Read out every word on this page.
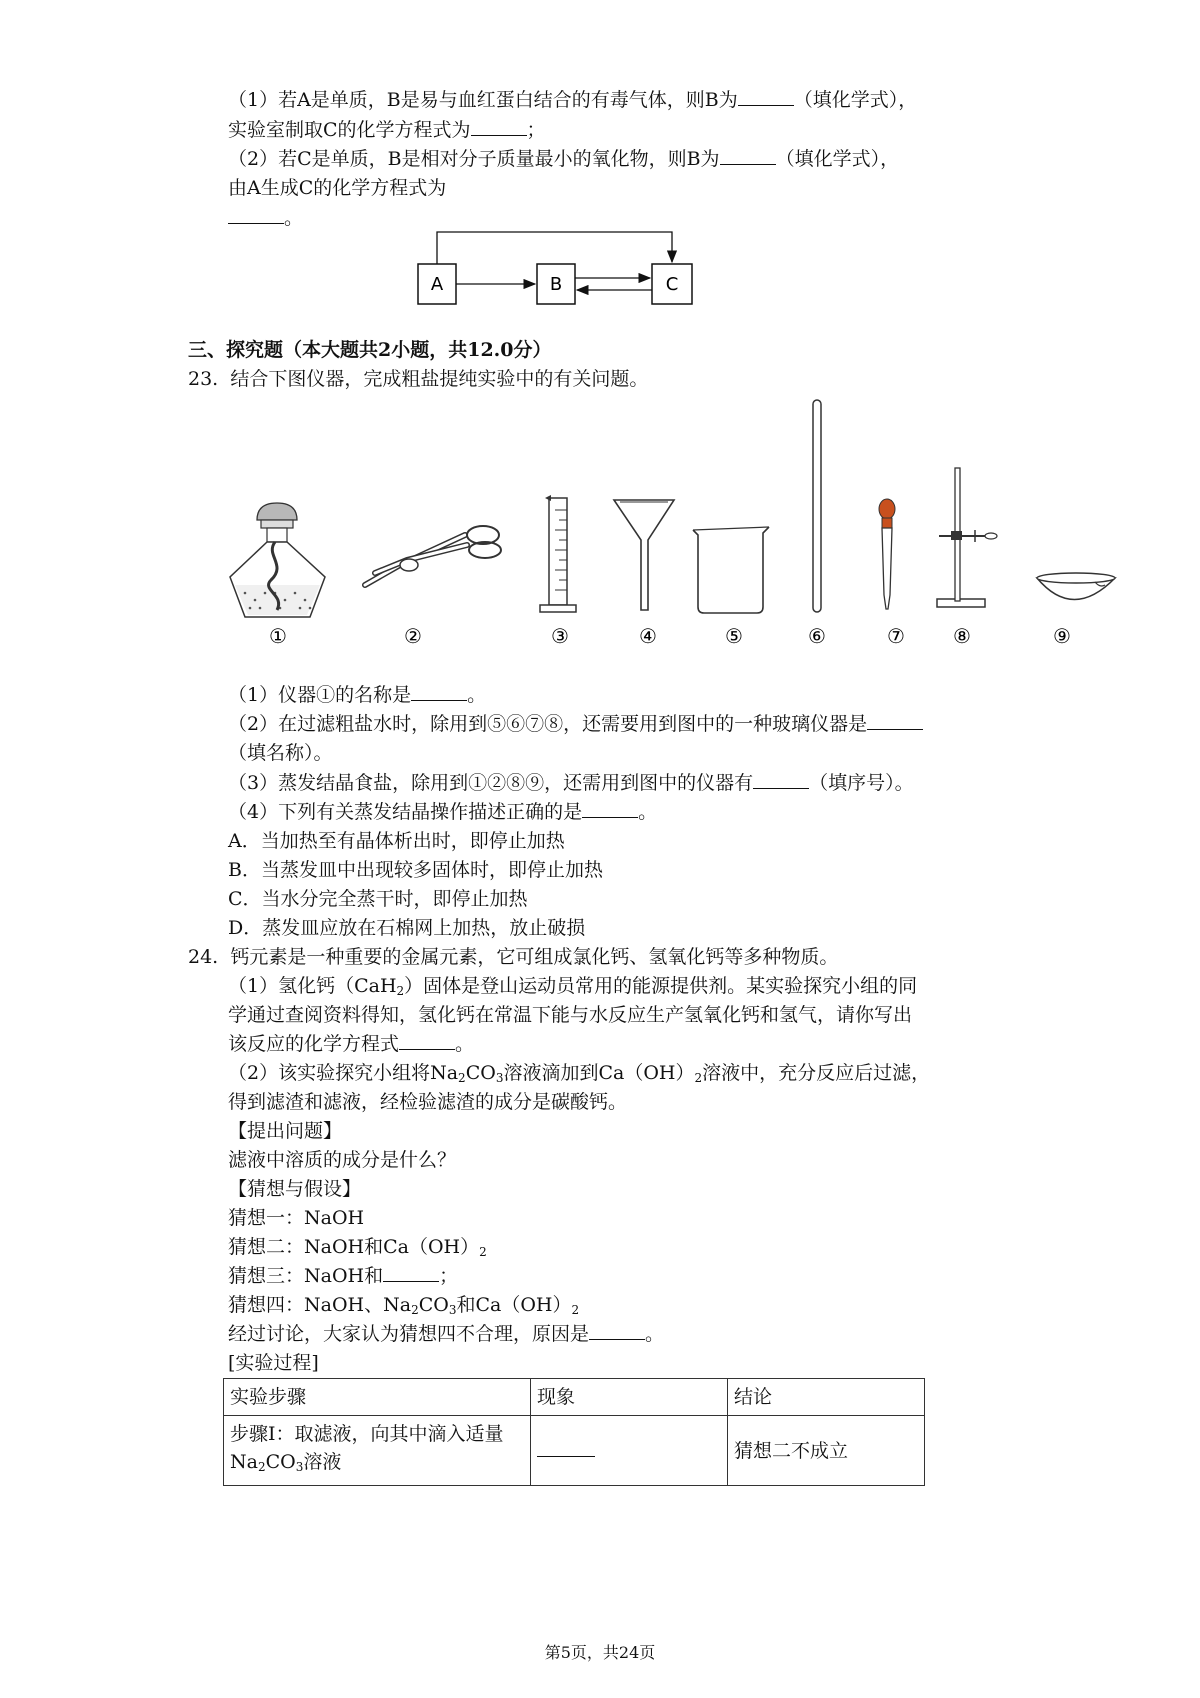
（1）若A是单质，B是易与血红蛋白结合的有毒气体，则B为	（填化学式），
实验室制取C的化学方程式为	；
（2）若C是单质，B是相对分子质量最小的氧化物，则B为	（填化学式），
由A生成C的化学方程式为
。
A	B	C
三、探究题（本大题共2小题，共12.0分）
23. 结合下图仪器，完成粗盐提纯实验中的有关问题。
①	②	③	④	⑤	⑥	⑦ ⑧	⑨
（1）仪器①的名称是	。
（2）在过滤粗盐水时，除用到⑤⑥⑦⑧，还需要用到图中的一种玻璃仪器是
（填名称）。
（3）蒸发结晶食盐，除用到①②⑧⑨，还需用到图中的仪器有	（填序号）。
（4）下列有关蒸发结晶操作描述正确的是	。
A．当加热至有晶体析出时，即停止加热
B．当蒸发皿中出现较多固体时，即停止加热
C．当水分完全蒸干时，即停止加热
D．蒸发皿应放在石棉网上加热，放止破损
24. 钙元素是一种重要的金属元素，它可组成氯化钙、氢氧化钙等多种物质。
（1）氢化钙（CaH$_2$）固体是登山运动员常用的能源提供剂。某实验探究小组的同
学通过查阅资料得知，氢化钙在常温下能与水反应生产氢氧化钙和氢气，请你写出
该反应的化学方程式	。
（2）该实验探究小组将$Na_2CO_3$溶液滴加到$Ca(OH)_2$溶液中，充分反应后过滤，
得到滤渣和滤液，经检验滤渣的成分是碳酸钙。
【提出问题】
滤液中溶质的成分是什么？
【猜想与假设】
猜想一：NaOH
猜想二：NaOH和$Ca(OH)_2$
猜想三：NaOH和	；
猜想四：NaOH、$Na_2CO_3$和$Ca(OH)_2$
经过讨论，大家认为猜想四不合理，原因是	。
[实验过程]
实验步骤	现象	结论

步骤Ⅰ：取滤液，向其中滴入适量
$Na_2CO_3$溶液		猜想二不成立
第5页，共24页
